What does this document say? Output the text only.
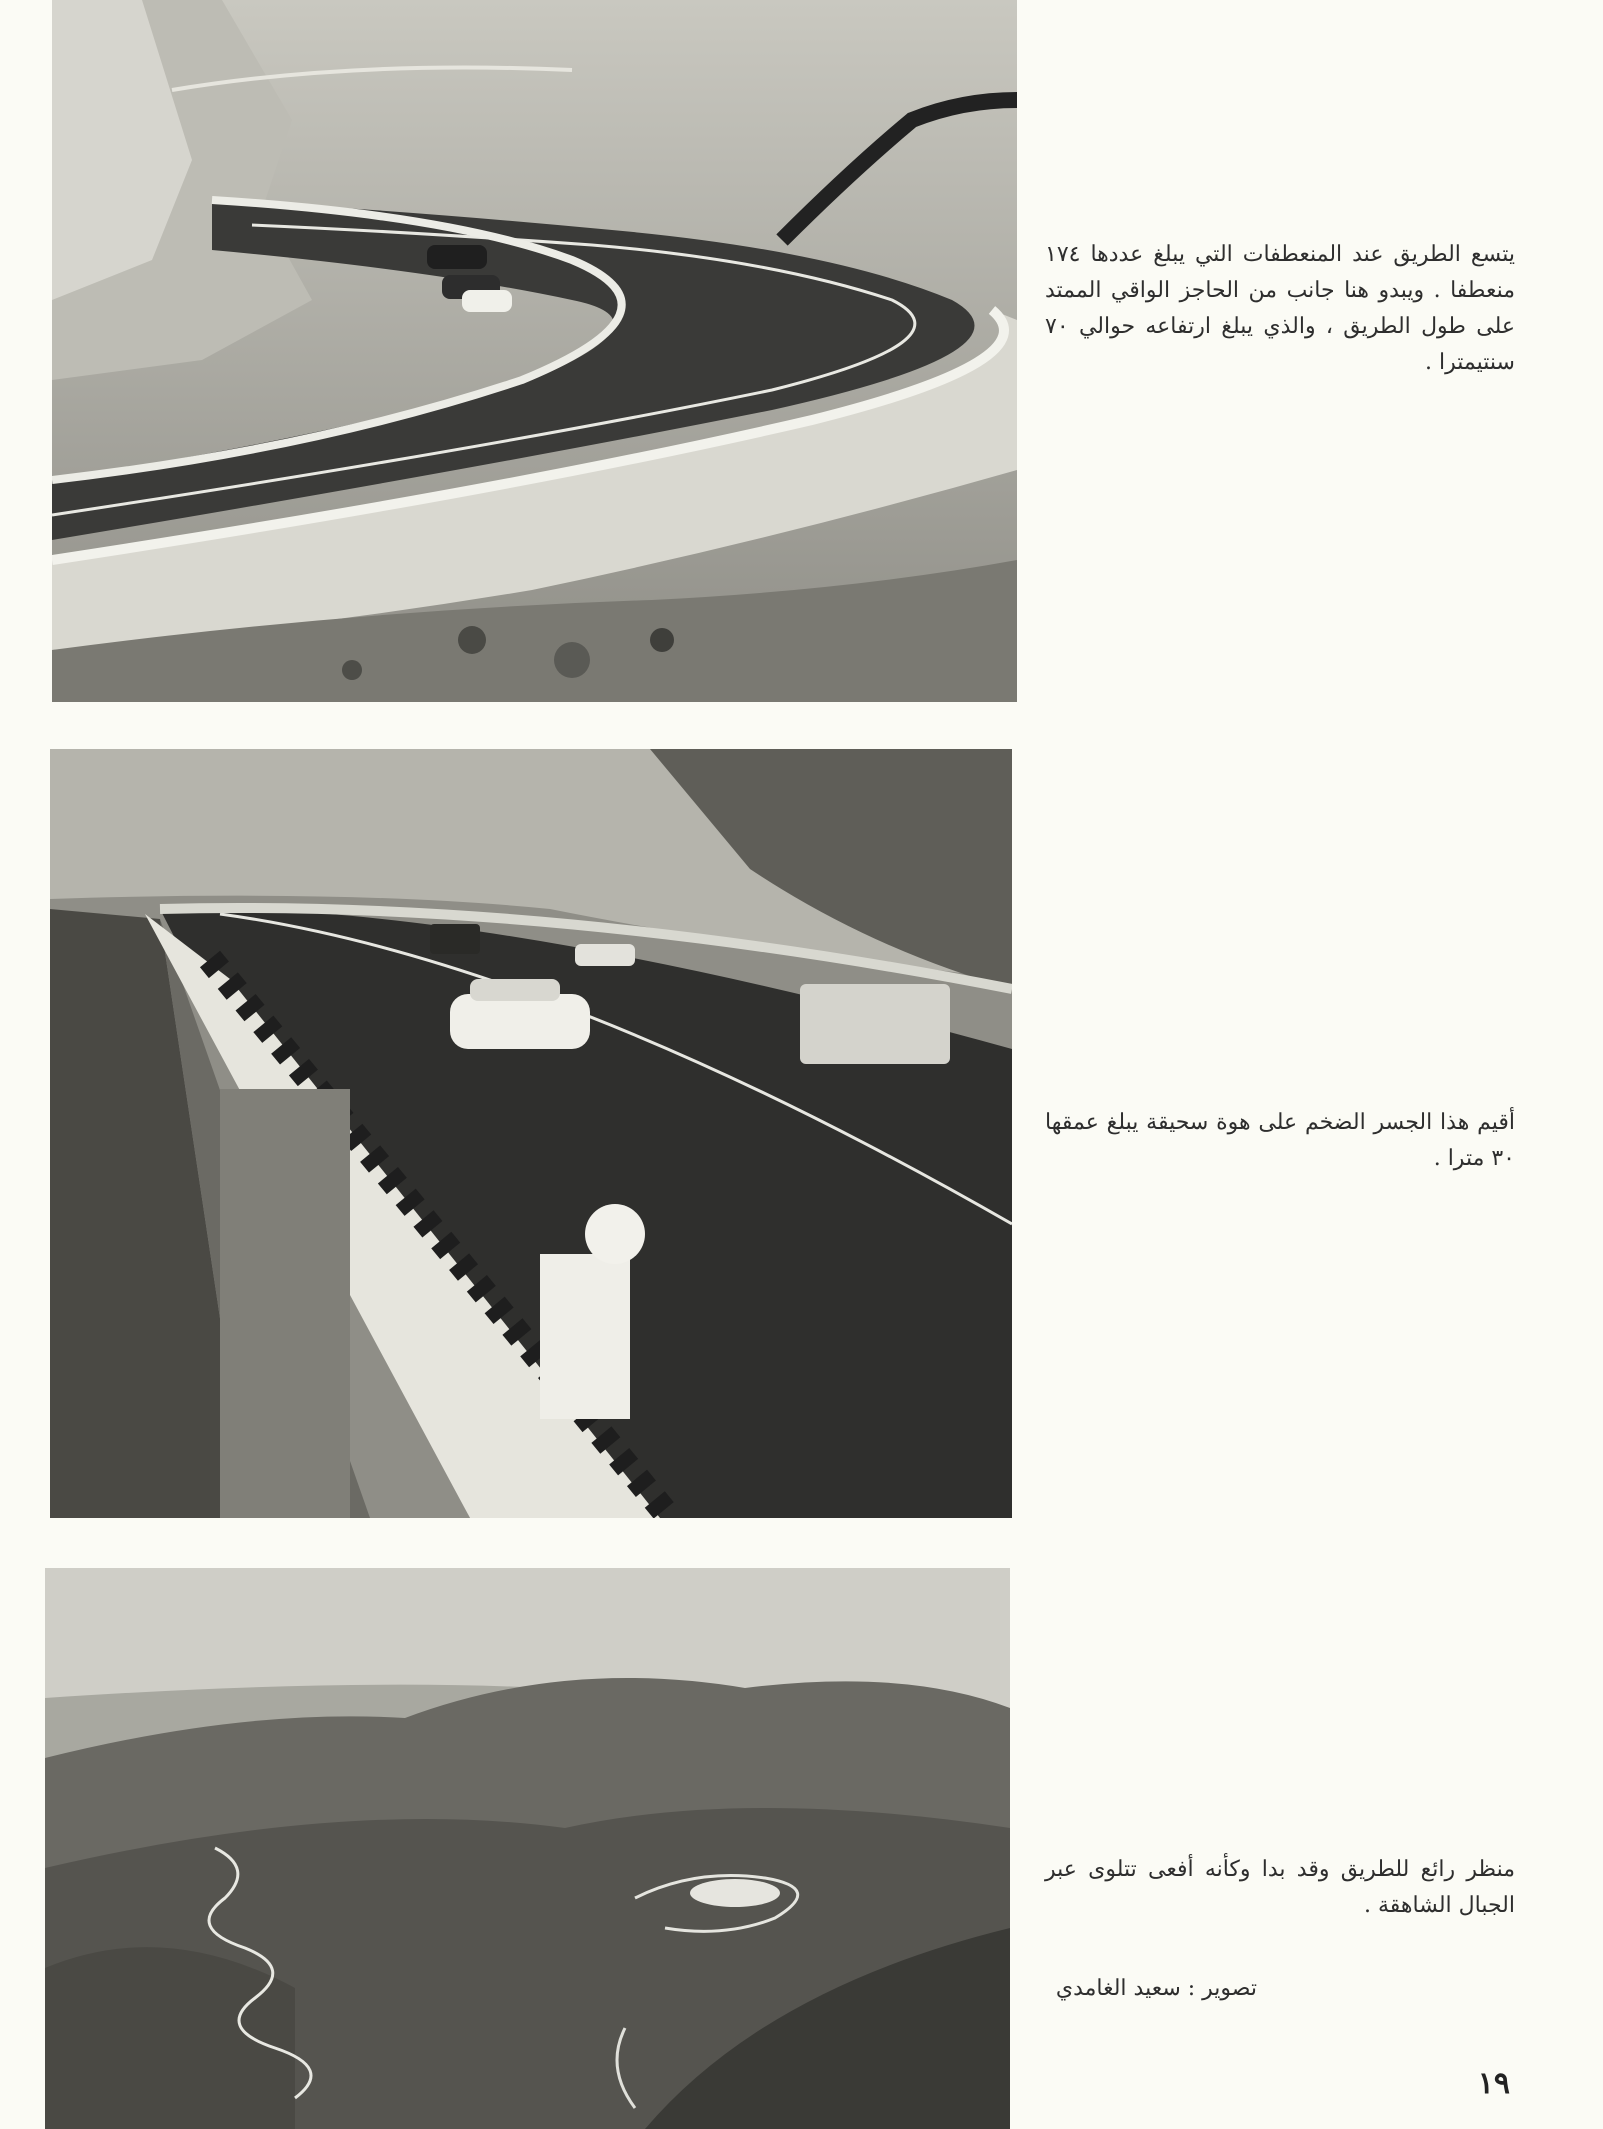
يتسع الطريق عند المنعطفات التي يبلغ عددها ١٧٤ منعطفا . ويبدو هنا جانب من الحاجز الواقي الممتد على طول الطريق ، والذي يبلغ ارتفاعه حوالي ٧٠ سنتيمترا .
أقيم هذا الجسر الضخم على هوة سحيقة يبلغ عمقها ٣٠ مترا .
منظر رائع للطريق وقد بدا وكأنه أفعى تتلوى عبر الجبال الشاهقة .
تصوير : سعيد الغامدي
١٩
